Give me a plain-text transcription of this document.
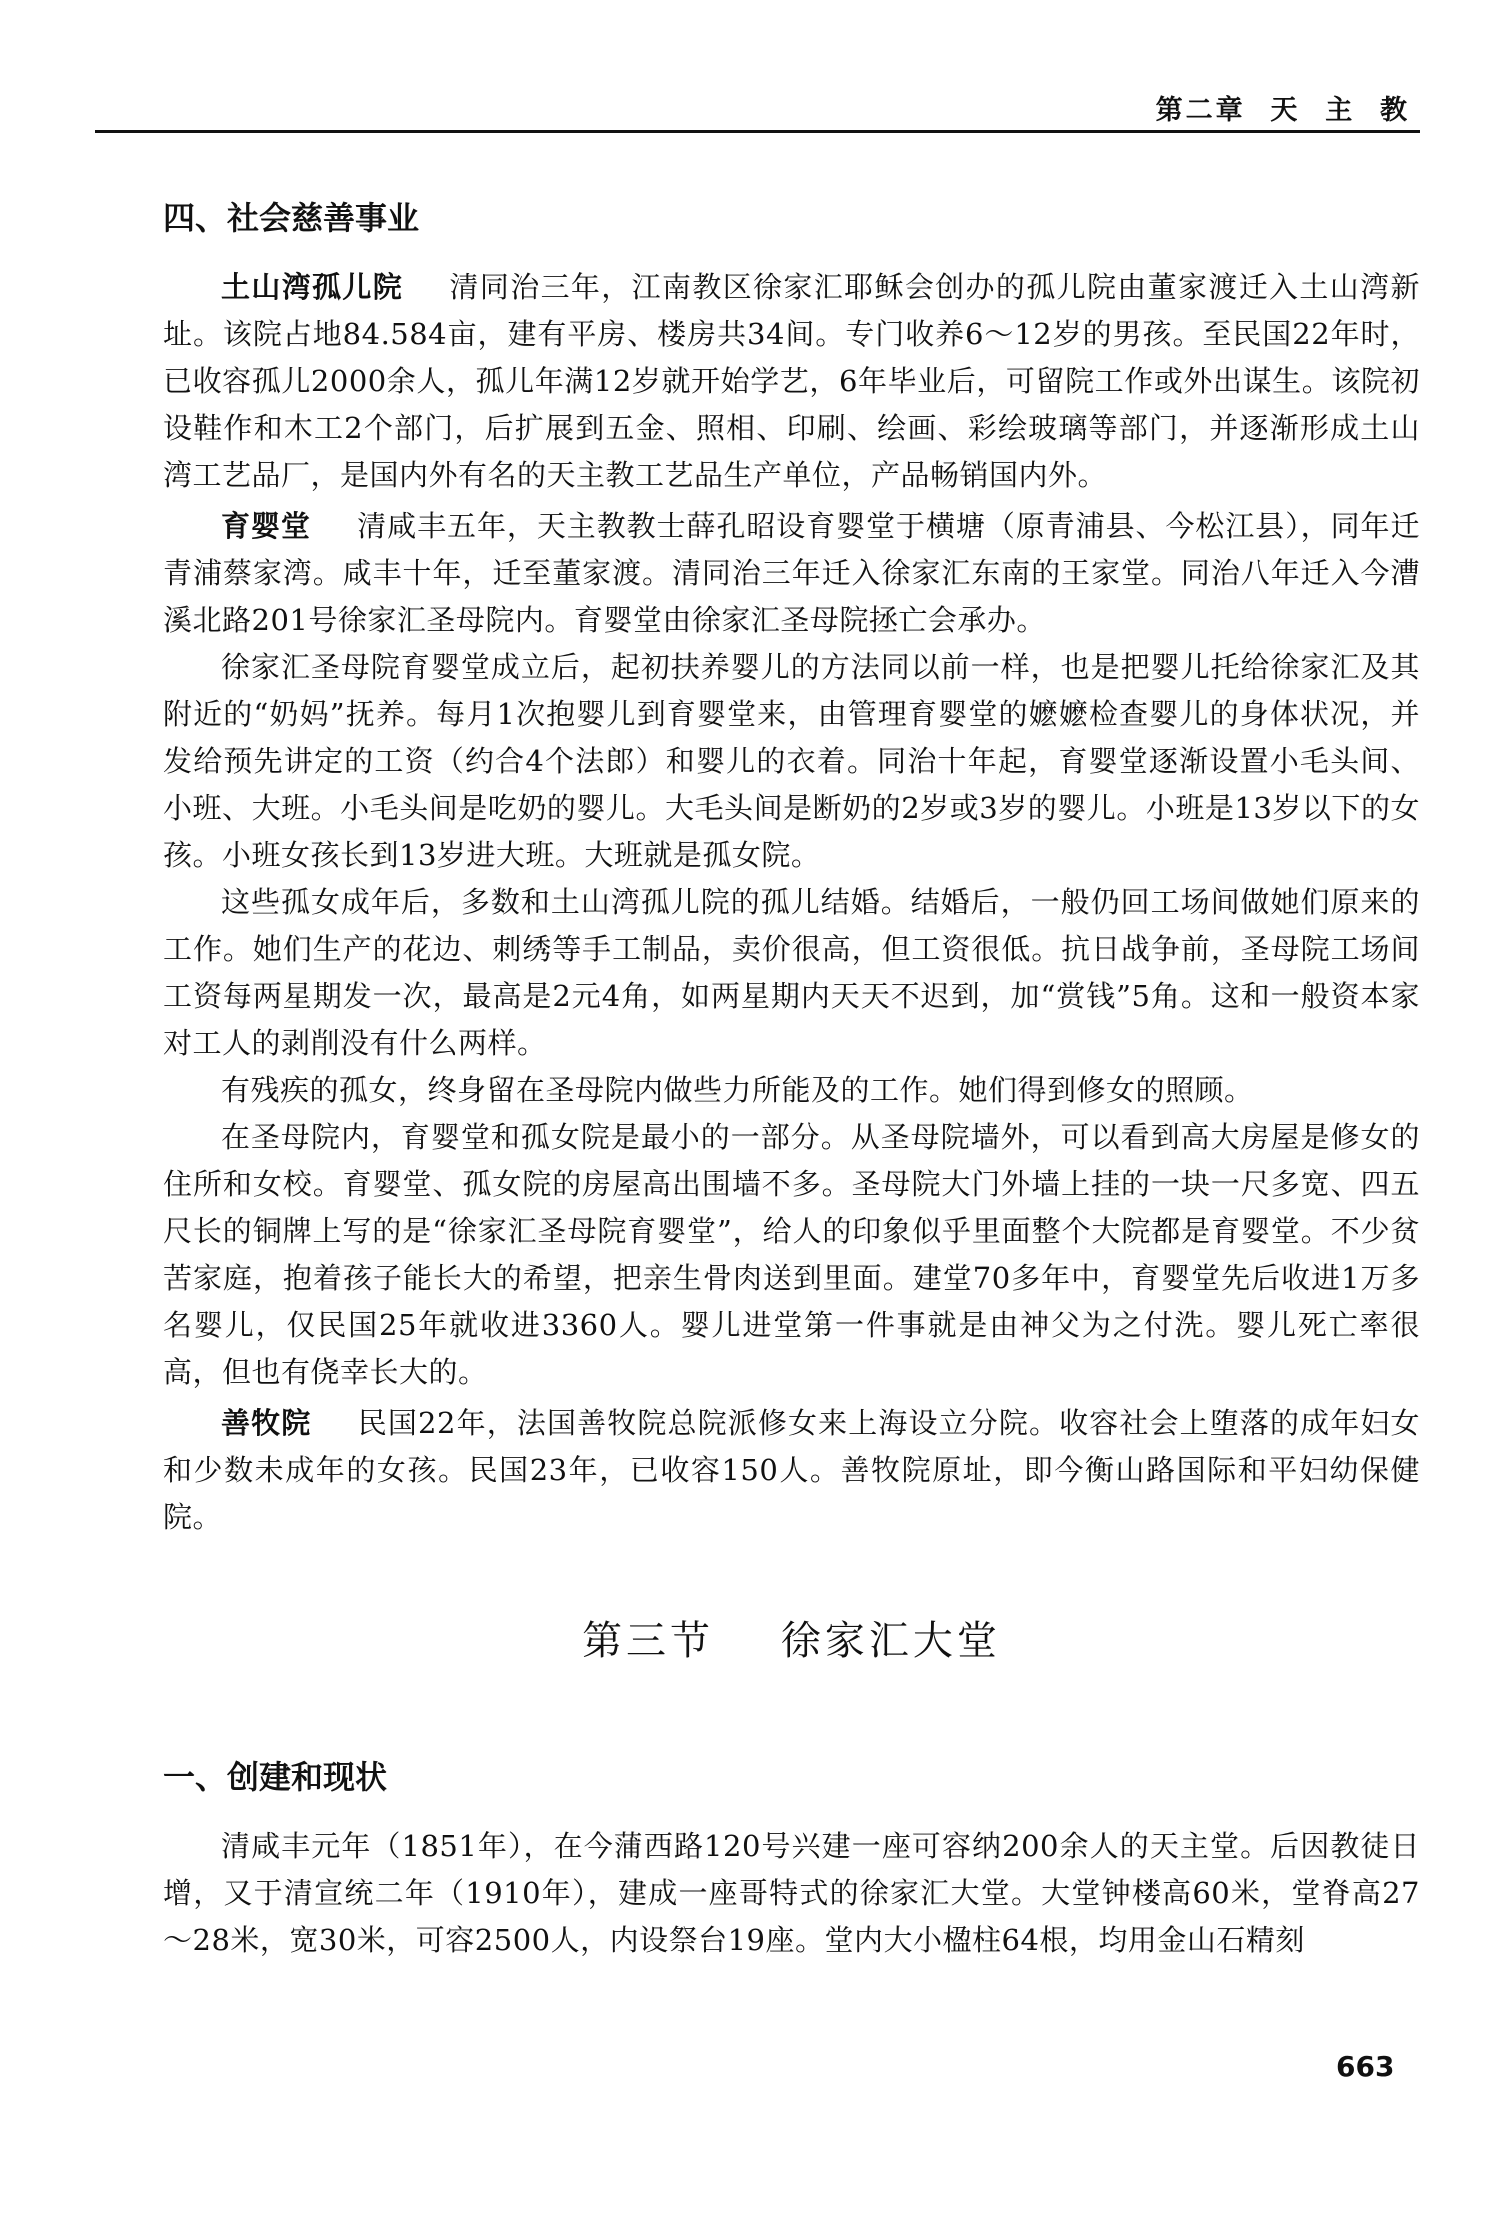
第二章  天  主  教
四、社会慈善事业

土山湾孤儿院 清同治三年，江南教区徐家汇耶稣会创办的孤儿院由董家渡迁入土山湾新址。该院占地84.584亩，建有平房、楼房共34间。专门收养6～12岁的男孩。至民国22年时，已收容孤儿2000余人，孤儿年满12岁就开始学艺，6年毕业后，可留院工作或外出谋生。该院初设鞋作和木工2个部门，后扩展到五金、照相、印刷、绘画、彩绘玻璃等部门，并逐渐形成土山湾工艺品厂，是国内外有名的天主教工艺品生产单位，产品畅销国内外。

育婴堂 清咸丰五年，天主教教士薛孔昭设育婴堂于横塘（原青浦县、今松江县），同年迁青浦蔡家湾。咸丰十年，迁至董家渡。清同治三年迁入徐家汇东南的王家堂。同治八年迁入今漕溪北路201号徐家汇圣母院内。育婴堂由徐家汇圣母院拯亡会承办。

徐家汇圣母院育婴堂成立后，起初扶养婴儿的方法同以前一样，也是把婴儿托给徐家汇及其附近的“奶妈”抚养。每月1次抱婴儿到育婴堂来，由管理育婴堂的嬷嬷检查婴儿的身体状况，并发给预先讲定的工资（约合4个法郎）和婴儿的衣着。同治十年起，育婴堂逐渐设置小毛头间、小班、大班。小毛头间是吃奶的婴儿。大毛头间是断奶的2岁或3岁的婴儿。小班是13岁以下的女孩。小班女孩长到13岁进大班。大班就是孤女院。

这些孤女成年后，多数和土山湾孤儿院的孤儿结婚。结婚后，一般仍回工场间做她们原来的工作。她们生产的花边、刺绣等手工制品，卖价很高，但工资很低。抗日战争前，圣母院工场间工资每两星期发一次，最高是2元4角，如两星期内天天不迟到，加“赏钱”5角。这和一般资本家对工人的剥削没有什么两样。

有残疾的孤女，终身留在圣母院内做些力所能及的工作。她们得到修女的照顾。

在圣母院内，育婴堂和孤女院是最小的一部分。从圣母院墙外，可以看到高大房屋是修女的住所和女校。育婴堂、孤女院的房屋高出围墙不多。圣母院大门外墙上挂的一块一尺多宽、四五尺长的铜牌上写的是“徐家汇圣母院育婴堂”，给人的印象似乎里面整个大院都是育婴堂。不少贫苦家庭，抱着孩子能长大的希望，把亲生骨肉送到里面。建堂70多年中，育婴堂先后收进1万多名婴儿，仅民国25年就收进3360人。婴儿进堂第一件事就是由神父为之付洗。婴儿死亡率很高，但也有侥幸长大的。

善牧院 民国22年，法国善牧院总院派修女来上海设立分院。收容社会上堕落的成年妇女和少数未成年的女孩。民国23年，已收容150人。善牧院原址，即今衡山路国际和平妇幼保健院。

第三节    徐家汇大堂
一、创建和现状

清咸丰元年（1851年），在今蒲西路120号兴建一座可容纳200余人的天主堂。后因教徒日增，又于清宣统二年（1910年），建成一座哥特式的徐家汇大堂。大堂钟楼高60米，堂脊高27～28米，宽30米，可容2500人，内设祭台19座。堂内大小楹柱64根，均用金山石精刻

663
